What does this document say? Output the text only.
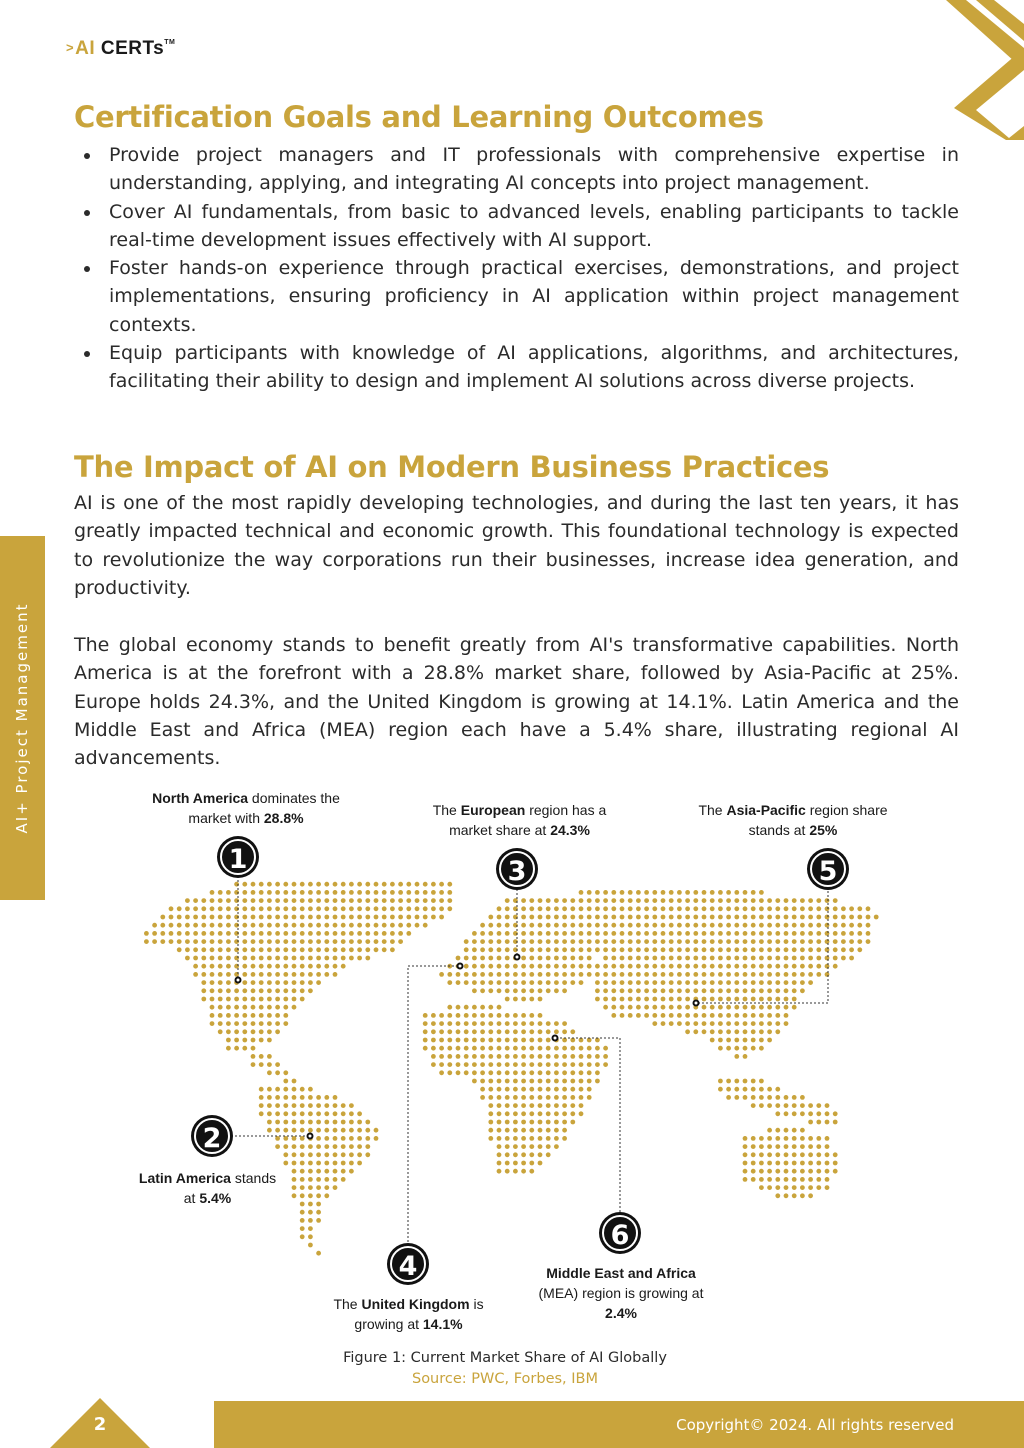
>AI CERTs™
AI+ Project Management
Certification Goals and Learning Outcomes
Provide project managers and IT professionals with comprehensive expertise in understanding, applying, and integrating AI concepts into project management.
Cover AI fundamentals, from basic to advanced levels, enabling participants to tackle real-time development issues effectively with AI support.
Foster hands-on experience through practical exercises, demonstrations, and project implementations, ensuring proficiency in AI application within project management contexts.
Equip participants with knowledge of AI applications, algorithms, and architectures, facilitating their ability to design and implement AI solutions across diverse projects.
The Impact of AI on Modern Business Practices

AI is one of the most rapidly developing technologies, and during the last ten years, it has greatly impacted technical and economic growth. This foundational technology is expected to revolutionize the way corporations run their businesses, increase idea generation, and productivity.

The global economy stands to benefit greatly from AI's transformative capabilities. North America is at the forefront with a 28.8% market share, followed by Asia-Pacific at 25%. Europe holds 24.3%, and the United Kingdom is growing at 14.1%. Latin America and the Middle East and Africa (MEA) region each have a 5.4% share, illustrating regional AI advancements.

1
2
3
4
5
6
North America dominates the
market with 28.8%
Latin America stands
at 5.4%
The European region has a
market share at 24.3%
The United Kingdom is
growing at 14.1%
The Asia-Pacific region share
stands at 25%
Middle East and Africa
(MEA) region is growing at
2.4%
Figure 1: Current Market Share of AI Globally
Source: PWC, Forbes, IBM
2	Copyright© 2024. All rights reserved
